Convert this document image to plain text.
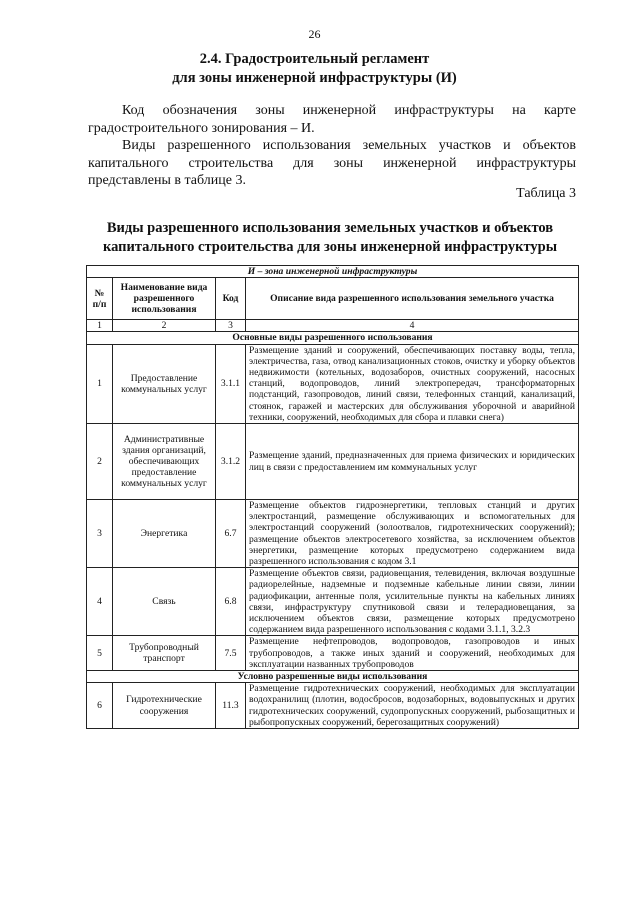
26
2.4. Градостроительный регламент
для зоны инженерной инфраструктуры (И)
Код обозначения зоны инженерной инфраструктуры на карте градостроительного зонирования – И.
Виды разрешенного использования земельных участков и объектов капитального строительства для зоны инженерной инфраструктуры представлены в таблице 3.
Таблица 3
Виды разрешенного использования земельных участков и объектов
капитального строительства для зоны инженерной инфраструктуры
И – зона инженерной инфраструктуры			
№ п/п	Наименование вида разрешенного использования	Код	Описание вида разрешенного использования земельного участка
1	2	3	4
Основные виды разрешенного использования			
1	Предоставление коммунальных услуг	3.1.1	Размещение зданий и сооружений, обеспечивающих поставку воды, тепла, электричества, газа, отвод канализационных стоков, очистку и уборку объектов недвижимости (котельных, водозаборов, очистных сооружений, насосных станций, водопроводов, линий электропередач, трансформаторных подстанций, газопроводов, линий связи, телефонных станций, канализаций, стоянок, гаражей и мастерских для обслуживания уборочной и аварийной техники, сооружений, необходимых для сбора и плавки снега)
2	Административные здания организаций, обеспечивающих предоставление коммунальных услуг	3.1.2	Размещение зданий, предназначенных для приема физических и юридических лиц в связи с предоставлением им коммунальных услуг
3	Энергетика	6.7	Размещение объектов гидроэнергетики, тепловых станций и других электростанций, размещение обслуживающих и вспомогательных для электростанций сооружений (золоотвалов, гидротехнических сооружений); размещение объектов электросетевого хозяйства, за исключением объектов энергетики, размещение которых предусмотрено содержанием вида разрешенного использования с кодом 3.1
4	Связь	6.8	Размещение объектов связи, радиовещания, телевидения, включая воздушные радиорелейные, надземные и подземные кабельные линии связи, линии радиофикации, антенные поля, усилительные пункты на кабельных линиях связи, инфраструктуру спутниковой связи и телерадиовещания, за исключением объектов связи, размещение которых предусмотрено содержанием вида разрешенного использования с кодами 3.1.1, 3.2.3
5	Трубопроводный транспорт	7.5	Размещение нефтепроводов, водопроводов, газопроводов и иных трубопроводов, а также иных зданий и сооружений, необходимых для эксплуатации названных трубопроводов
Условно разрешенные виды использования			
6	Гидротехнические сооружения	11.3	Размещение гидротехнических сооружений, необходимых для эксплуатации водохранилищ (плотин, водосбросов, водозаборных, водовыпускных и других гидротехнических сооружений, судопропускных сооружений, рыбозащитных и рыбопропускных сооружений, берегозащитных сооружений)
